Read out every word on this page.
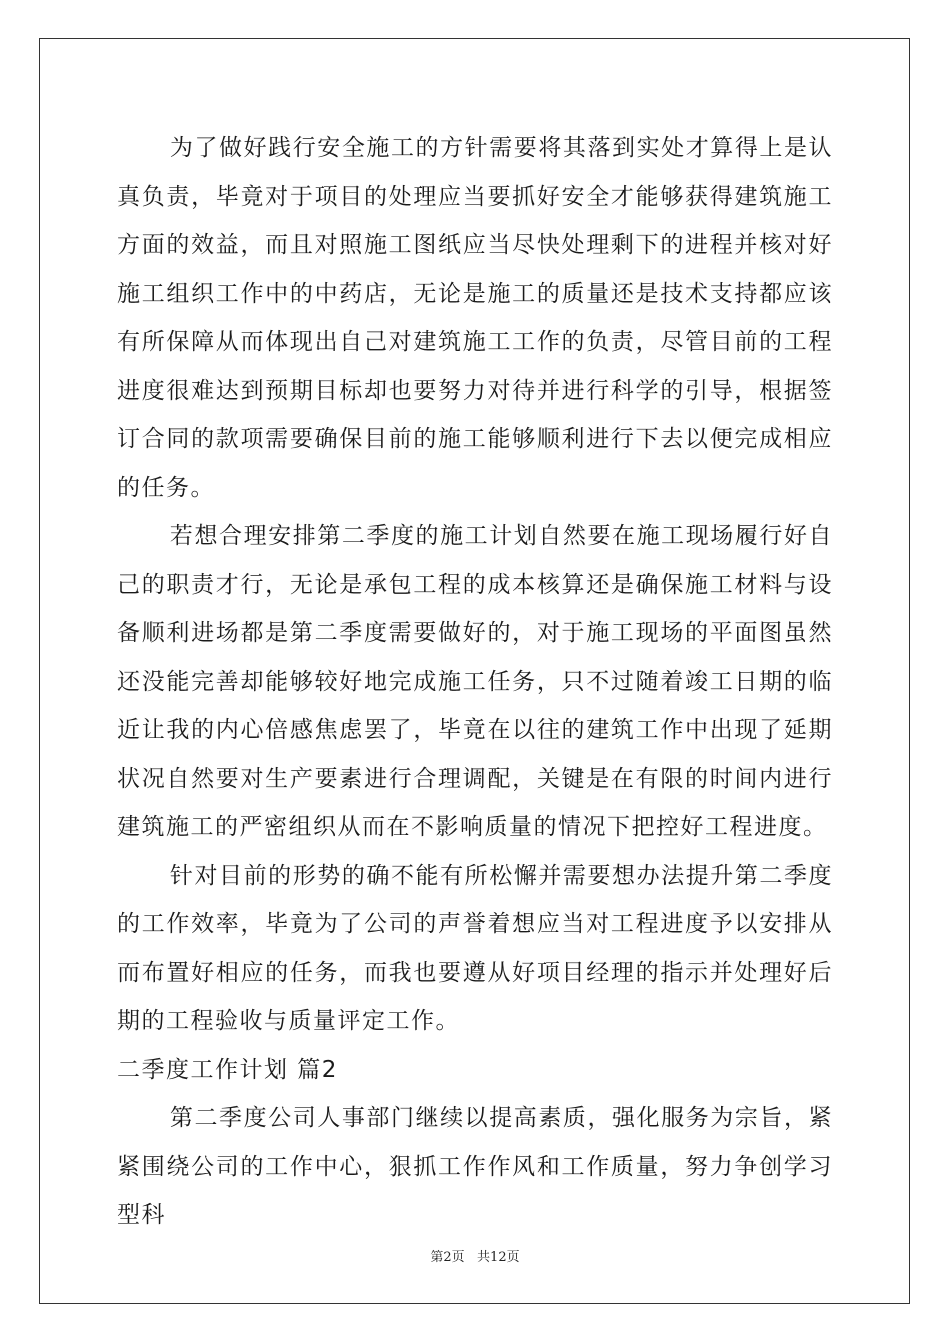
为了做好践行安全施工的方针需要将其落到实处才算得上是认真负责，毕竟对于项目的处理应当要抓好安全才能够获得建筑施工方面的效益，而且对照施工图纸应当尽快处理剩下的进程并核对好施工组织工作中的中药店，无论是施工的质量还是技术支持都应该有所保障从而体现出自己对建筑施工工作的负责，尽管目前的工程进度很难达到预期目标却也要努力对待并进行科学的引导，根据签订合同的款项需要确保目前的施工能够顺利进行下去以便完成相应的任务。

若想合理安排第二季度的施工计划自然要在施工现场履行好自己的职责才行，无论是承包工程的成本核算还是确保施工材料与设备顺利进场都是第二季度需要做好的，对于施工现场的平面图虽然还没能完善却能够较好地完成施工任务，只不过随着竣工日期的临近让我的内心倍感焦虑罢了，毕竟在以往的建筑工作中出现了延期状况自然要对生产要素进行合理调配，关键是在有限的时间内进行建筑施工的严密组织从而在不影响质量的情况下把控好工程进度。

针对目前的形势的确不能有所松懈并需要想办法提升第二季度的工作效率，毕竟为了公司的声誉着想应当对工程进度予以安排从而布置好相应的任务，而我也要遵从好项目经理的指示并处理好后期的工程验收与质量评定工作。

二季度工作计划 篇2

第二季度公司人事部门继续以提高素质，强化服务为宗旨，紧紧围绕公司的工作中心，狠抓工作作风和工作质量，努力争创学习型科

第2页   共12页
